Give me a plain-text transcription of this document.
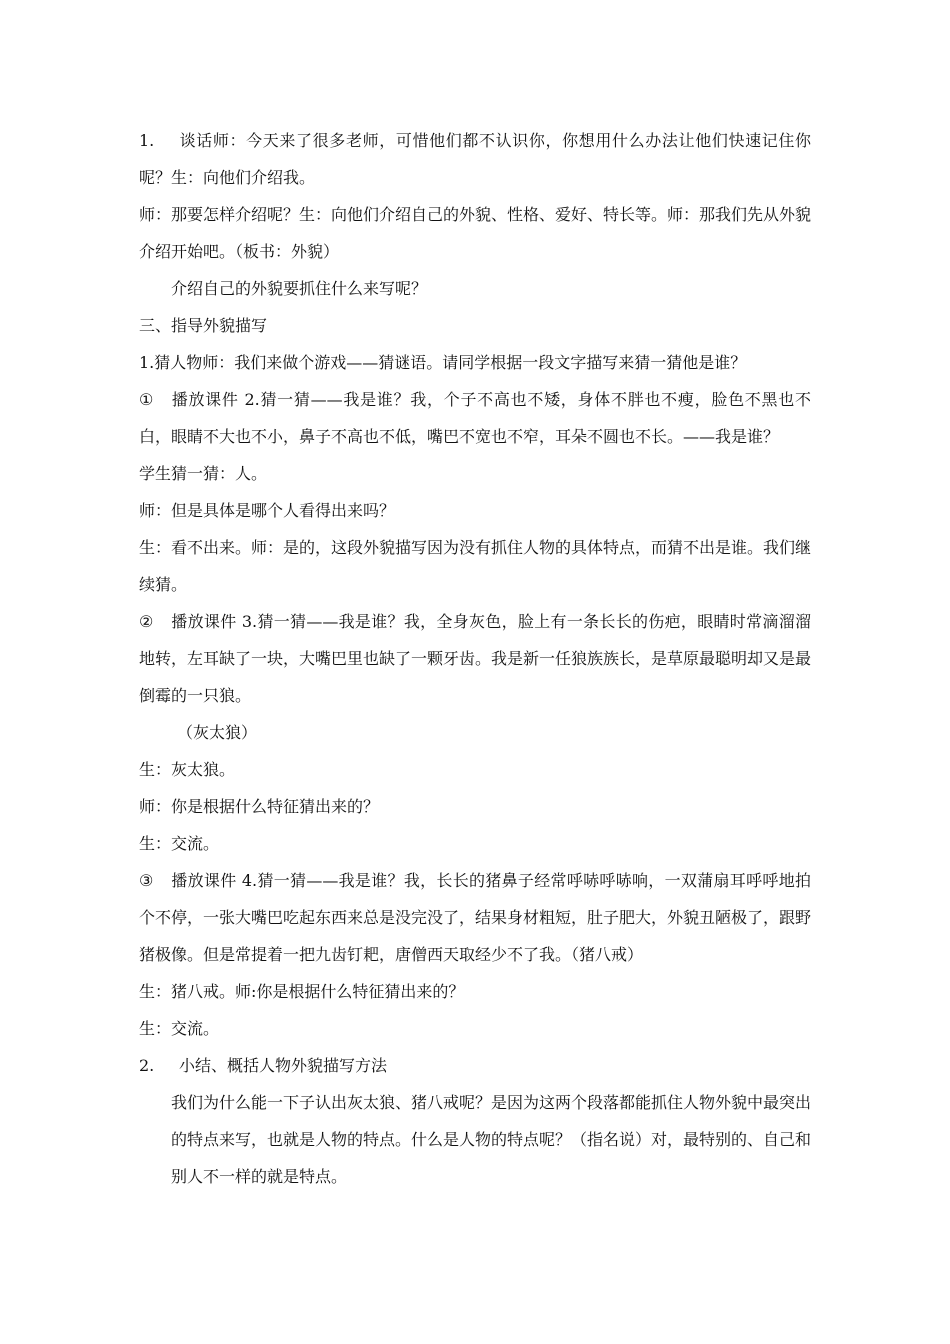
1. 谈话师：今天来了很多老师，可惜他们都不认识你，你想用什么办法让他们快速记住你呢？生：向他们介绍我。

师：那要怎样介绍呢？生：向他们介绍自己的外貌、性格、爱好、特长等。师：那我们先从外貌介绍开始吧。（板书：外貌）

介绍自己的外貌要抓住什么来写呢？

三、指导外貌描写

1.猜人物师：我们来做个游戏——猜谜语。请同学根据一段文字描写来猜一猜他是谁？

① 播放课件 2.猜一猜——我是谁？我，个子不高也不矮，身体不胖也不瘦，脸色不黑也不白，眼睛不大也不小，鼻子不高也不低，嘴巴不宽也不窄，耳朵不圆也不长。——我是谁？

学生猜一猜：人。

师：但是具体是哪个人看得出来吗？

生：看不出来。师：是的，这段外貌描写因为没有抓住人物的具体特点，而猜不出是谁。我们继续猜。

② 播放课件 3.猜一猜——我是谁？我，全身灰色，脸上有一条长长的伤疤，眼睛时常滴溜溜地转，左耳缺了一块，大嘴巴里也缺了一颗牙齿。我是新一任狼族族长，是草原最聪明却又是最倒霉的一只狼。

（灰太狼）

生：灰太狼。

师：你是根据什么特征猜出来的？

生：交流。

③ 播放课件 4.猜一猜——我是谁？我，长长的猪鼻子经常呼哧呼哧响，一双蒲扇耳呼呼地拍个不停，一张大嘴巴吃起东西来总是没完没了，结果身材粗短，肚子肥大，外貌丑陋极了，跟野猪极像。但是常提着一把九齿钉耙，唐僧西天取经少不了我。（猪八戒）

生：猪八戒。师:你是根据什么特征猜出来的？

生：交流。

2. 小结、概括人物外貌描写方法

我们为什么能一下子认出灰太狼、猪八戒呢？是因为这两个段落都能抓住人物外貌中最突出的特点来写，也就是人物的特点。什么是人物的特点呢？（指名说）对，最特别的、自己和别人不一样的就是特点。
